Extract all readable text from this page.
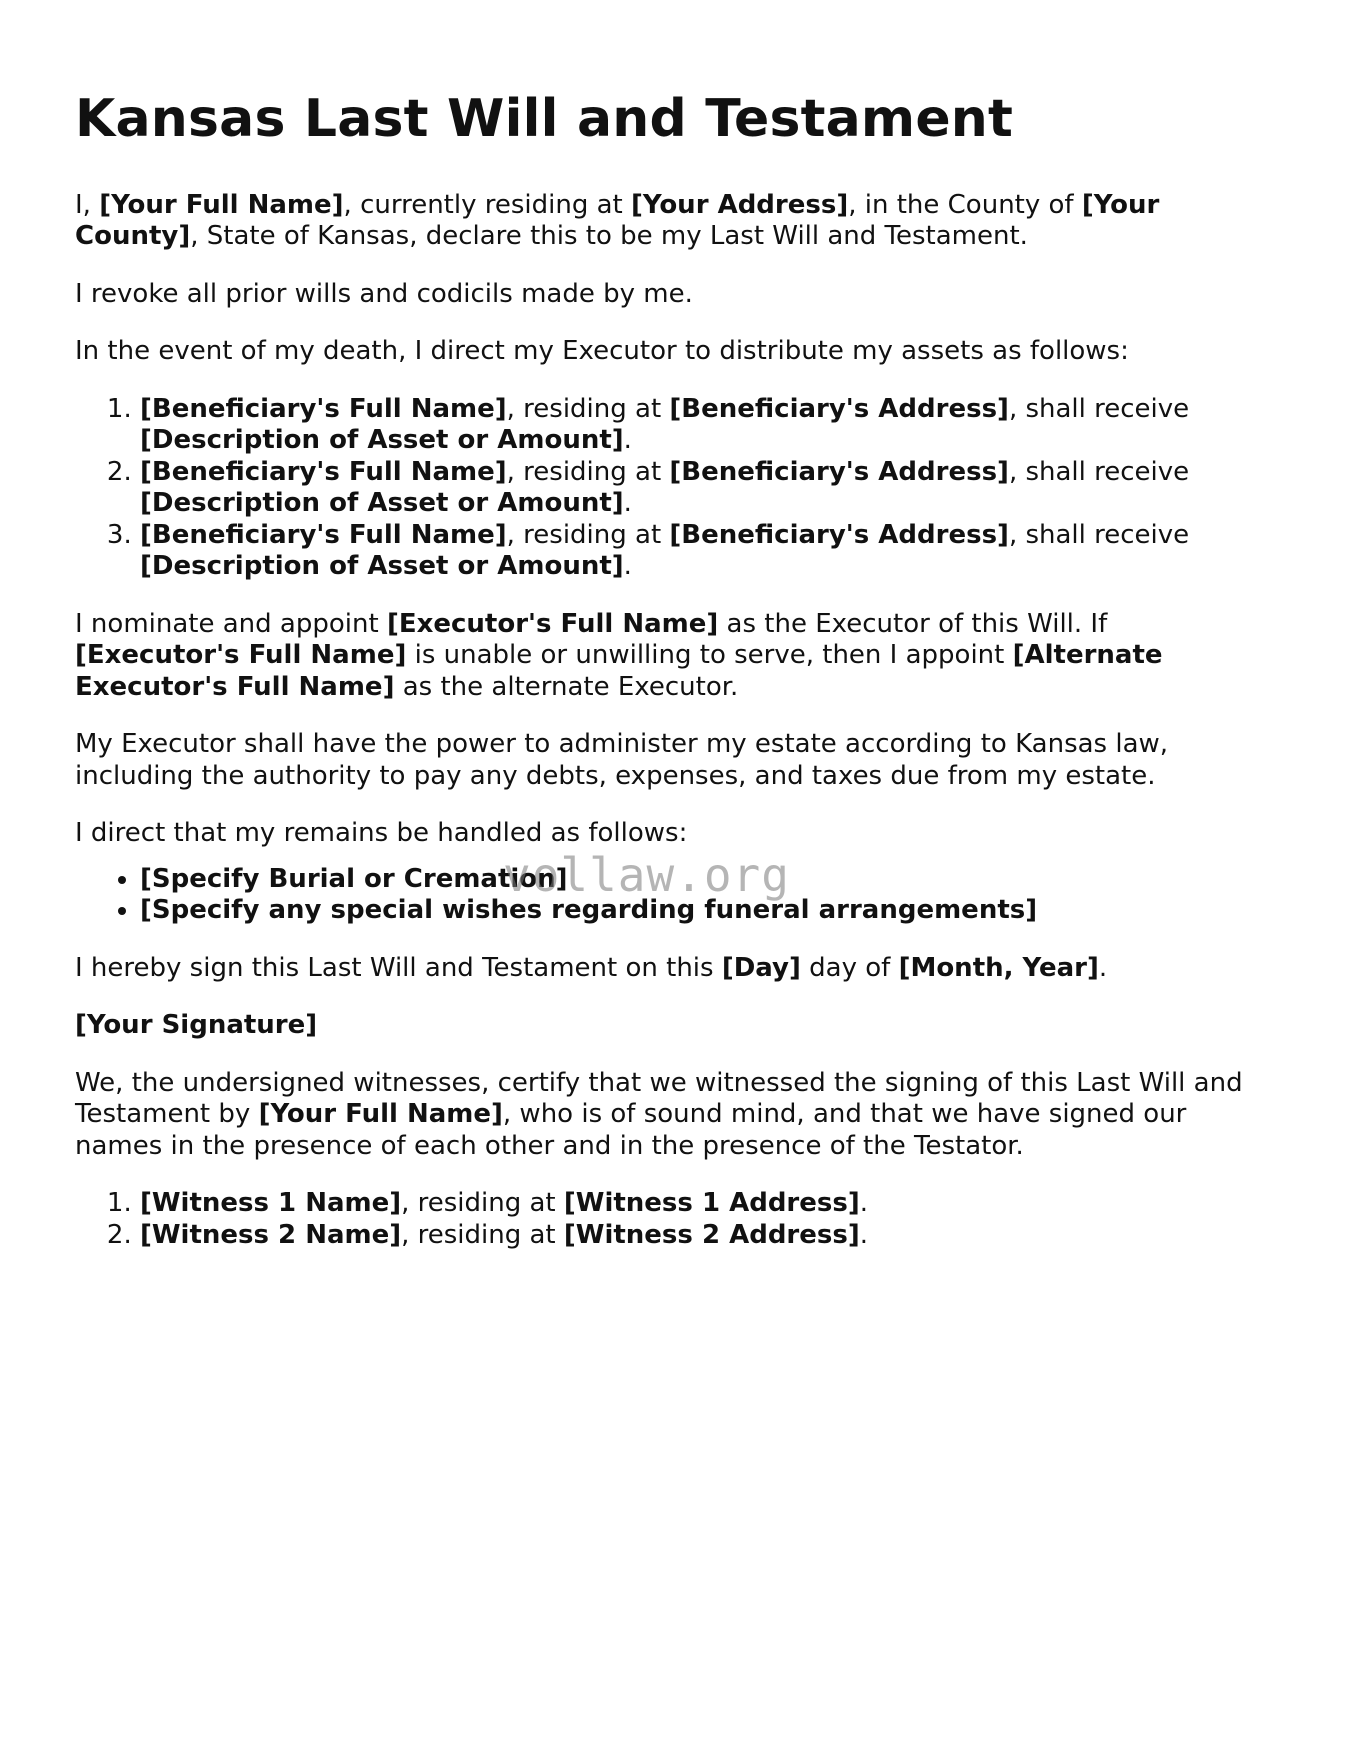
Kansas Last Will and Testament

I, [Your Full Name], currently residing at [Your Address], in the County of [Your County], State of Kansas, declare this to be my Last Will and Testament.

I revoke all prior wills and codicils made by me.

In the event of my death, I direct my Executor to distribute my assets as follows:

1. [Beneficiary's Full Name], residing at [Beneficiary's Address], shall receive [Description of Asset or Amount].
2. [Beneficiary's Full Name], residing at [Beneficiary's Address], shall receive [Description of Asset or Amount].
3. [Beneficiary's Full Name], residing at [Beneficiary's Address], shall receive [Description of Asset or Amount].

I nominate and appoint [Executor's Full Name] as the Executor of this Will. If [Executor's Full Name] is unable or unwilling to serve, then I appoint [Alternate Executor's Full Name] as the alternate Executor.

My Executor shall have the power to administer my estate according to Kansas law, including the authority to pay any debts, expenses, and taxes due from my estate.

I direct that my remains be handled as follows:

• [Specify Burial or Cremation]
• [Specify any special wishes regarding funeral arrangements]

I hereby sign this Last Will and Testament on this [Day] day of [Month, Year].

[Your Signature]

We, the undersigned witnesses, certify that we witnessed the signing of this Last Will and Testament by [Your Full Name], who is of sound mind, and that we have signed our names in the presence of each other and in the presence of the Testator.

1. [Witness 1 Name], residing at [Witness 1 Address].
2. [Witness 2 Name], residing at [Witness 2 Address].
vollaw.org
